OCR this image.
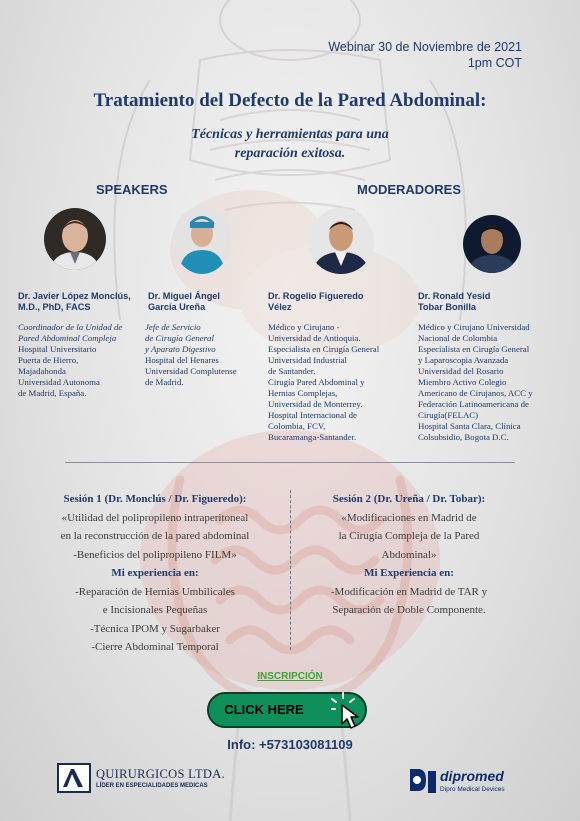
Webinar 30 de Noviembre de 2021
1pm COT
Tratamiento del Defecto de la Pared Abdominal:
Técnicas y herramientas para una
reparación exitosa.
SPEAKERS	MODERADORES
Dr. Javier López Monclús,
M.D., PhD, FACS
Dr. Miguel Ángel
García Ureña
Dr. Rogelio Figueredo
Vélez
Dr. Ronald Yesid
Tobar Bonilla
Coordinador de la Unidad de
Pared Abdominal Compleja
Hospital Universitario
Puerta de Hierro,
Majadahonda
Universidad Autonoma
de Madrid, España.
Jefe de Servicio
de Cirugía General
y Aparato Digestivo
Hospital del Henares
Universidad Complutense
de Madrid.
Médico y Cirujano -
Universidad de Antioquia.
Especialista en Cirugía General
Universidad Industrial
de Santander.
Cirugía Pared Abdominal y
Hernias Complejas,
Universidad de Monterrey.
Hospital Internacional de
Colombia, FCV,
Bucaramanga-Santander.
Médico y Cirujano Universidad
Nacional de Colombia
Especialista en Cirugía General
y Laparoscopia Avanzada
Universidad del Rosario
Miembro Activo Colegio
Americano de Cirujanos, ACC y
Federación Latinoamericana de
Cirugía(FELAC)
Hospital Santa Clara, Clínica
Colsubsidio, Bogota D.C.
Sesión 1 (Dr. Monclús / Dr. Figueredo):
«Utilidad del polipropileno intraperitoneal
en la reconstrucción de la pared abdominal
-Beneficios del polipropileno FILM»
Mi experiencia en:
-Reparación de Hernias Umbilicales
e Incisionales Pequeñas
-Técnica IPOM y Sugarbaker
-Cierre Abdominal Temporal
Sesión 2 (Dr. Ureña / Dr. Tobar):
«Modificaciones en Madrid de
la Cirugía Compleja de la Pared
Abdominal»
Mi Experiencia en:
-Modificación en Madrid de TAR y
Separación de Doble Componente.
INSCRIPCIÓN
CLICK HERE
Info: +573103081109
QUIRURGICOS LTDA.
LÍDER EN ESPECIALIDADES MEDICAS
dipromed
Dipro Medical Devices
